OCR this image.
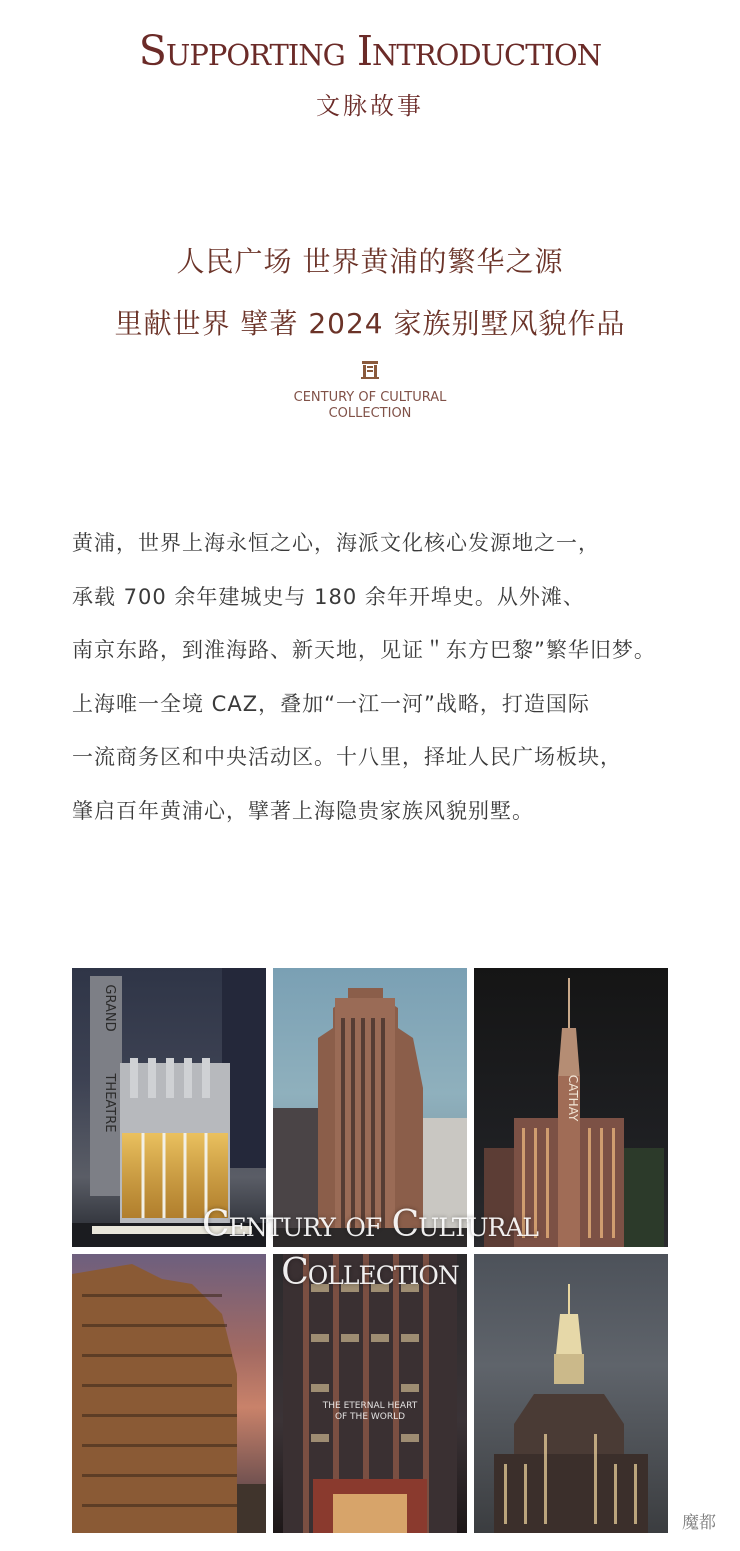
Supporting Introduction
文脉故事
人民广场 世界黄浦的繁华之源
里献世界 擘著 2024 家族别墅风貌作品
CENTURY OF CULTURAL
COLLECTION

黄浦，世界上海永恒之心，海派文化核心发源地之一，

承载 700 余年建城史与 180 余年开埠史。从外滩、

南京东路，到淮海路、新天地，见证＂东方巴黎”繁华旧梦。

上海唯一全境 CAZ，叠加“一江一河”战略，打造国际

一流商务区和中央活动区。十八里，择址人民广场板块，

肇启百年黄浦心，擘著上海隐贵家族风貌别墅。

GRAND
THEATRE	CATHAY
Century of Cultural
Collection
THE ETERNAL HEART
OF THE WORLD
魔都
